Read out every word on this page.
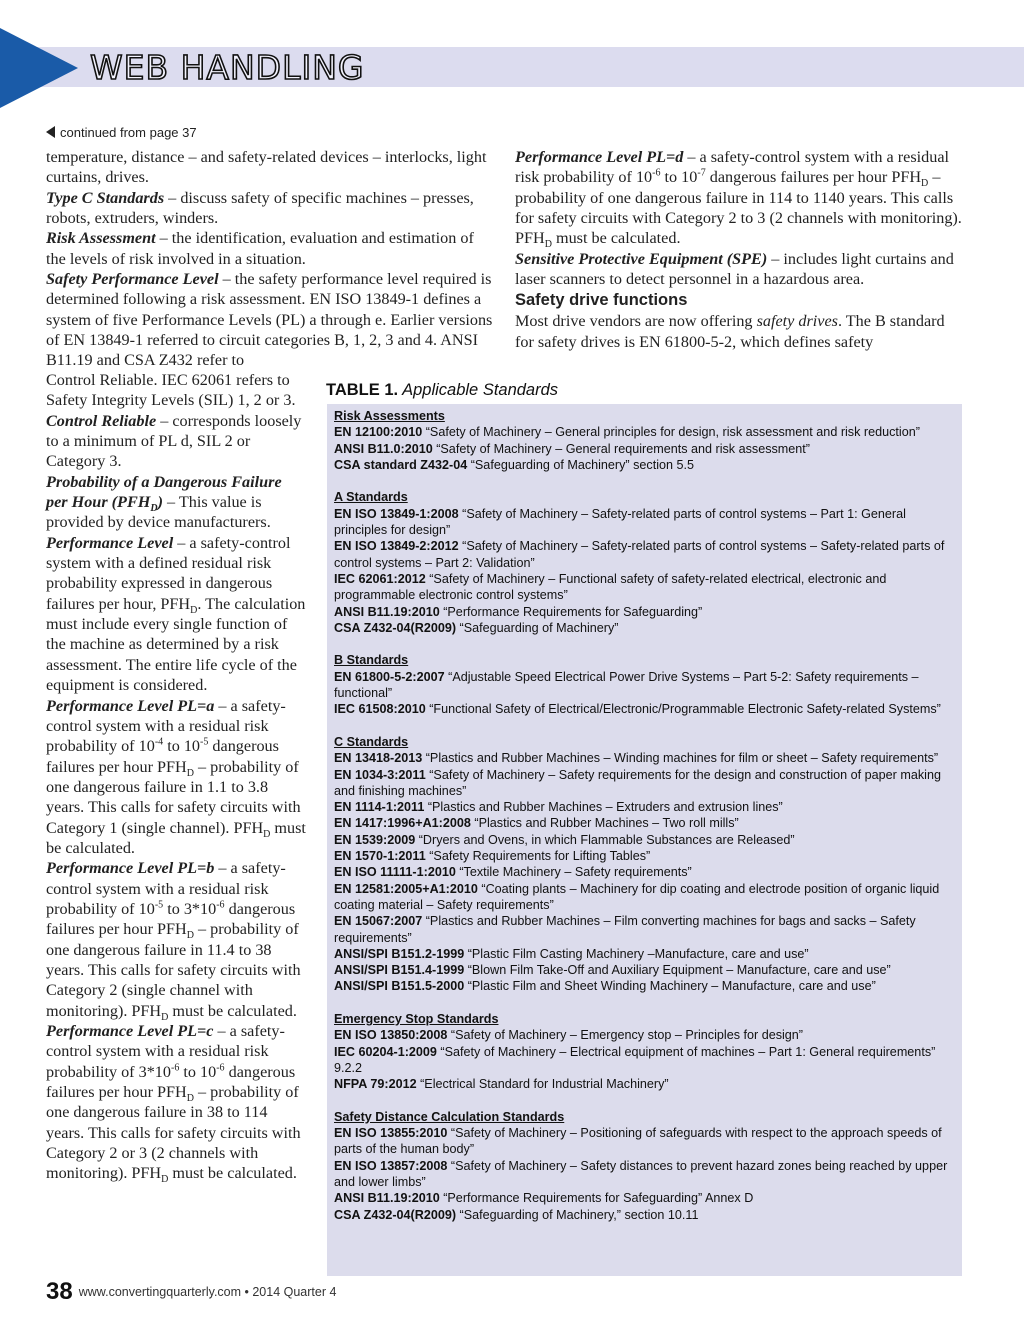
WEB HANDLING
continued from page 37

temperature, distance – and safety-related devices – interlocks, light curtains, drives.

Type C Standards – discuss safety of specific machines – presses, robots, extruders, winders.

Risk Assessment – the identification, evaluation and estimation of the levels of risk involved in a situation.

Safety Performance Level – the safety performance level required is determined following a risk assessment. EN ISO 13849-1 defines a system of five Performance Levels (PL) a through e. Earlier versions of EN 13849-1 referred to circuit categories B, 1, 2, 3 and 4. ANSI B11.19 and CSA Z432 refer to

Control Reliable. IEC 62061 refers to Safety Integrity Levels (SIL) 1, 2 or 3.

Control Reliable – corresponds loosely to a minimum of PL d, SIL 2 or Category 3.

Probability of a Dangerous Failure per Hour $(PFH_D)$ – This value is provided by device manufacturers.

Performance Level – a safety-control system with a defined residual risk probability expressed in dangerous failures per hour, $PFH_D$. The calculation must include every single function of the machine as determined by a risk assessment. The entire life cycle of the equipment is considered.

Performance Level PL=a – a safety-control system with a residual risk probability of $10^{-4}$ to $10^{-5}$ dangerous failures per hour $PFH_D$ – probability of one dangerous failure in 1.1 to 3.8 years. This calls for safety circuits with Category 1 (single channel). $PFH_D$ must be calculated.

Performance Level PL=b – a safety-control system with a residual risk probability of $10^{-5}$ to $3*10^{-6}$ dangerous failures per hour $PFH_D$ – probability of one dangerous failure in 11.4 to 38 years. This calls for safety circuits with Category 2 (single channel with monitoring). $PFH_D$ must be calculated.

Performance Level PL=c – a safety-control system with a residual risk probability of $3*10^{-6}$ to $10^{-6}$ dangerous failures per hour $PFH_D$ – probability of one dangerous failure in 38 to 114 years. This calls for safety circuits with Category 2 or 3 (2 channels with monitoring). $PFH_D$ must be calculated.

Performance Level PL=d – a safety-control system with a residual risk probability of $10^{-6}$ to $10^{-7}$ dangerous failures per hour $PFH_D$ – probability of one dangerous failure in 114 to 1140 years. This calls for safety circuits with Category 2 to 3 (2 channels with monitoring). $PFH_D$ must be calculated.

Sensitive Protective Equipment (SPE) – includes light curtains and laser scanners to detect personnel in a hazardous area.

Safety drive functions

Most drive vendors are now offering safety drives. The B standard for safety drives is EN 61800-5-2, which defines safety

TABLE 1. Applicable Standards
Risk Assessments
EN 12100:2010 “Safety of Machinery – General principles for design, risk assessment and risk reduction”
ANSI B11.0:2010 “Safety of Machinery – General requirements and risk assessment”
CSA standard Z432-04 “Safeguarding of Machinery” section 5.5
A Standards
EN ISO 13849-1:2008 “Safety of Machinery – Safety-related parts of control systems – Part 1: General principles for design”
EN ISO 13849-2:2012 “Safety of Machinery – Safety-related parts of control systems – Safety-related parts of control systems – Part 2: Validation”
IEC 62061:2012 “Safety of Machinery – Functional safety of safety-related electrical, electronic and programmable electronic control systems”
ANSI B11.19:2010 “Performance Requirements for Safeguarding”
CSA Z432-04(R2009) “Safeguarding of Machinery”
B Standards
EN 61800-5-2:2007 “Adjustable Speed Electrical Power Drive Systems – Part 5-2: Safety requirements – functional”
IEC 61508:2010 “Functional Safety of Electrical/Electronic/Programmable Electronic Safety-related Systems”
C Standards
EN 13418-2013 “Plastics and Rubber Machines – Winding machines for film or sheet – Safety requirements”
EN 1034-3:2011 “Safety of Machinery – Safety requirements for the design and construction of paper making and finishing machines”
EN 1114-1:2011 “Plastics and Rubber Machines – Extruders and extrusion lines”
EN 1417:1996+A1:2008 “Plastics and Rubber Machines – Two roll mills”
EN 1539:2009 “Dryers and Ovens, in which Flammable Substances are Released”
EN 1570-1:2011 “Safety Requirements for Lifting Tables”
EN ISO 11111-1:2010 “Textile Machinery – Safety requirements”
EN 12581:2005+A1:2010 “Coating plants – Machinery for dip coating and electrode position of organic liquid coating material – Safety requirements”
EN 15067:2007 “Plastics and Rubber Machines – Film converting machines for bags and sacks – Safety requirements”
ANSI/SPI B151.2-1999 “Plastic Film Casting Machinery –Manufacture, care and use”
ANSI/SPI B151.4-1999 “Blown Film Take-Off and Auxiliary Equipment – Manufacture, care and use”
ANSI/SPI B151.5-2000 “Plastic Film and Sheet Winding Machinery – Manufacture, care and use”
Emergency Stop Standards
EN ISO 13850:2008 “Safety of Machinery – Emergency stop – Principles for design”
IEC 60204-1:2009 “Safety of Machinery – Electrical equipment of machines – Part 1: General requirements” 9.2.2
NFPA 79:2012 “Electrical Standard for Industrial Machinery”
Safety Distance Calculation Standards
EN ISO 13855:2010 “Safety of Machinery – Positioning of safeguards with respect to the approach speeds of parts of the human body”
EN ISO 13857:2008 “Safety of Machinery – Safety distances to prevent hazard zones being reached by upper and lower limbs”
ANSI B11.19:2010 “Performance Requirements for Safeguarding” Annex D
CSA Z432-04(R2009) “Safeguarding of Machinery,” section 10.11
38 www.convertingquarterly.com • 2014 Quarter 4
